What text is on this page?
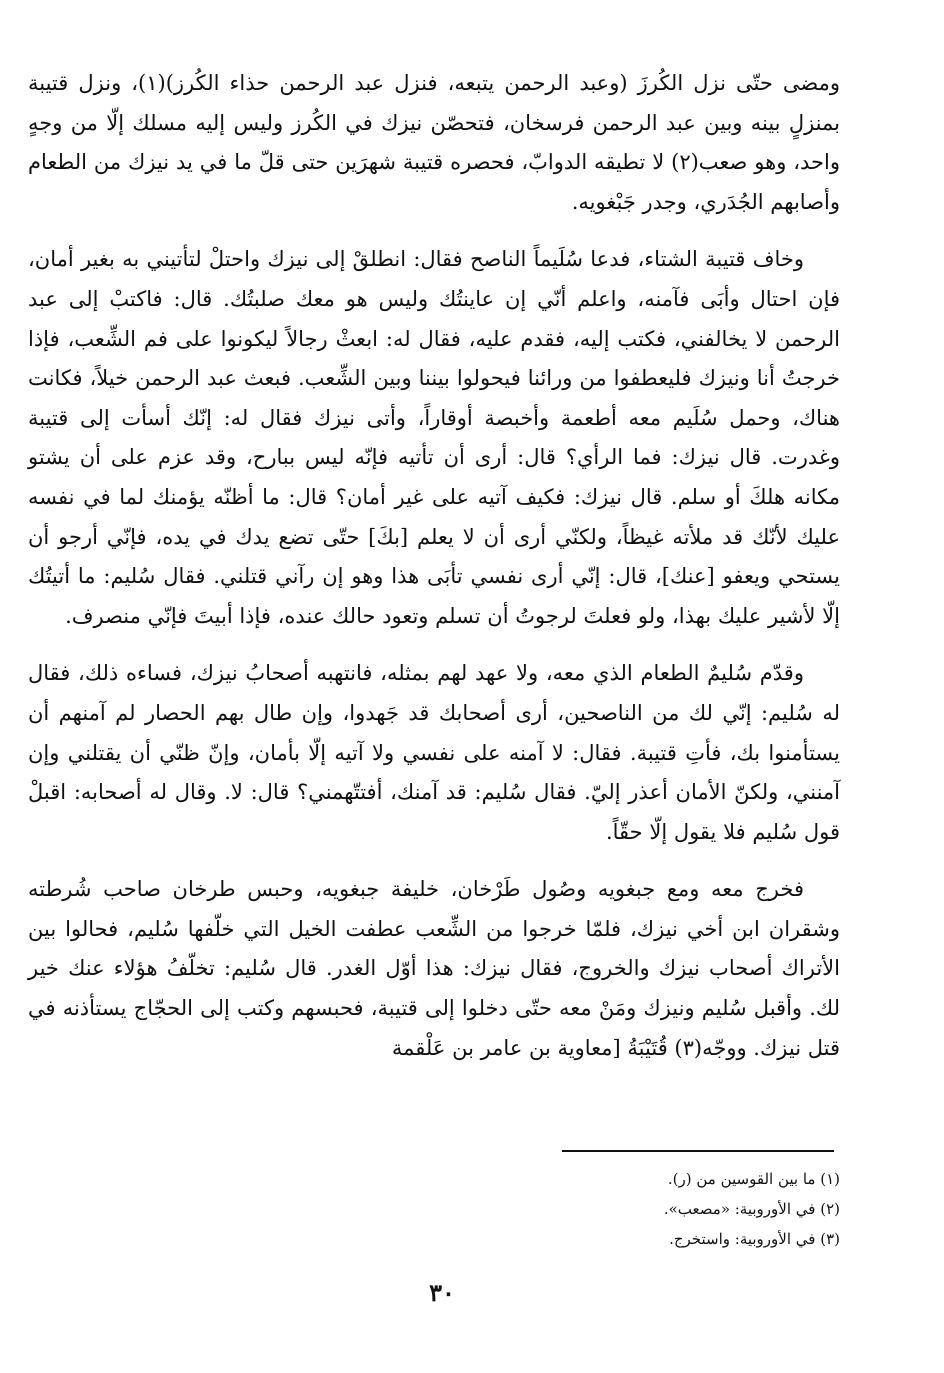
ومضى حتّى نزل الكُرزَ (وعبد الرحمن يتبعه، فنزل عبد الرحمن حذاء الكُرز)(١)، ونزل قتيبة بمنزلٍ بينه وبين عبد الرحمن فرسخان، فتحصّن نيزك في الكُرز وليس إليه مسلك إلّا من وجهٍ واحد، وهو صعب(٢) لا تطيقه الدوابّ، فحصره قتيبة شهرَين حتى قلّ ما في يد نيزك من الطعام وأصابهم الجُدَري، وجدر جَبْغويه.

وخاف قتيبة الشتاء، فدعا سُلَيماً الناصح فقال: انطلقْ إلى نيزك واحتلْ لتأتيني به بغير أمان، فإن احتال وأبَى فآمنه، واعلم أنّي إن عاينتُك وليس هو معك صلبتُك. قال: فاكتبْ إلى عبد الرحمن لا يخالفني، فكتب إليه، فقدم عليه، فقال له: ابعثْ رجالاً ليكونوا على فم الشِّعب، فإذا خرجتُ أنا ونيزك فليعطفوا من ورائنا فيحولوا بيننا وبين الشِّعب. فبعث عبد الرحمن خيلاً، فكانت هناك، وحمل سُلَيم معه أطعمة وأخبصة أوقاراً، وأتى نيزك فقال له: إنّك أسأت إلى قتيبة وغدرت. قال نيزك: فما الرأي؟ قال: أرى أن تأتيه فإنّه ليس ببارح، وقد عزم على أن يشتو مكانه هلكَ أو سلم. قال نيزك: فكيف آتيه على غير أمان؟ قال: ما أظنّه يؤمنك لما في نفسه عليك لأنّك قد ملأته غيظاً، ولكنّي أرى أن لا يعلم [بكَ] حتّى تضع يدك في يده، فإنّي أرجو أن يستحي ويعفو [عنك]، قال: إنّي أرى نفسي تأبَى هذا وهو إن رآني قتلني. فقال سُليم: ما أتيتُك إلّا لأشير عليك بهذا، ولو فعلتَ لرجوتُ أن تسلم وتعود حالك عنده، فإذا أبيتَ فإنّي منصرف.

وقدّم سُليمٌ الطعام الذي معه، ولا عهد لهم بمثله، فانتهبه أصحابُ نيزك، فساءه ذلك، فقال له سُليم: إنّي لك من الناصحين، أرى أصحابك قد جَهدوا، وإن طال بهم الحصار لم آمنهم أن يستأمنوا بك، فأتِ قتيبة. فقال: لا آمنه على نفسي ولا آتيه إلّا بأمان، وإنّ ظنّي أن يقتلني وإن آمنني، ولكنّ الأمان أعذر إليّ. فقال سُليم: قد آمنك، أفتتّهمني؟ قال: لا. وقال له أصحابه: اقبلْ قول سُليم فلا يقول إلّا حقّاً.

فخرج معه ومع جبغويه وصُول طَرْخان، خليفة جبغويه، وحبس طرخان صاحب شُرطته وشقران ابن أخي نيزك، فلمّا خرجوا من الشِّعب عطفت الخيل التي خلّفها سُليم، فحالوا بين الأتراك أصحاب نيزك والخروج، فقال نيزك: هذا أوّل الغدر. قال سُليم: تخلّفُ هؤلاء عنك خير لك. وأقبل سُليم ونيزك ومَنْ معه حتّى دخلوا إلى قتيبة، فحبسهم وكتب إلى الحجّاج يستأذنه في قتل نيزك. ووجّه(٣) قُتَيْبَةُ [معاوية بن عامر بن عَلْقمة

(١) ما بين القوسين من (ر).
(٢) في الأوروبية: «مصعب».
(٣) في الأوروبية: واستخرج.
٣٠
